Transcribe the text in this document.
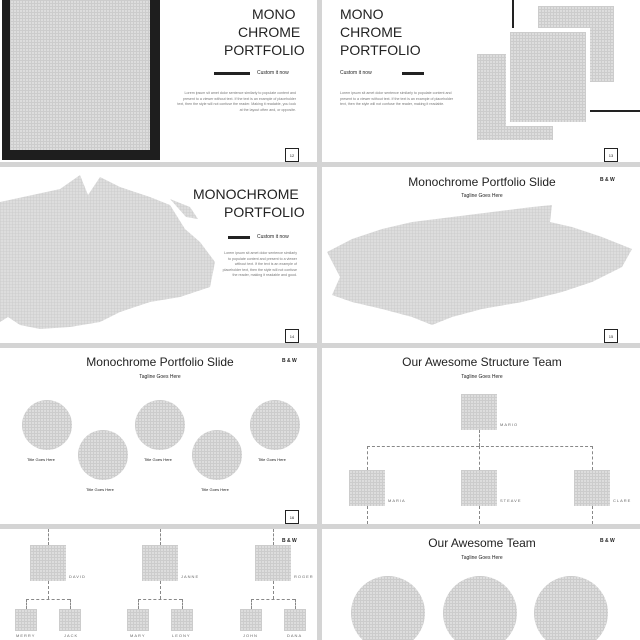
MONO
CHROME
PORTFOLIO
Custom it now
Lorem ipsum sit amet dolor sentence similarly to populate content and present to a viewer without text. If the text is an example of placeholder text, then the style will not confuse the reader. Making it readable, you look at the layout often and, or opposite.
12
MONO
CHROME
PORTFOLIO
Custom it now
Lorem ipsum sit amet dolor sentence similarly to populate content and present to a viewer without text. If the text is an example of placeholder text, then the style will not confuse the reader, making it readable.
13
MONOCHROME
PORTFOLIO
Custom it now
Lorem ipsum sit amet dolor sentence similarly to populate content and present to a viewer without text. If the text is an example of placeholder text, then the style will not confuse the reader, making it readable and good.
14
Monochrome Portfolio Slide
Tagline Goes Here
B & W
15
Monochrome Portfolio Slide
Tagline Goes Here
B & W
Title Goes Here
Title Goes Here
Title Goes Here
Title Goes Here
Title Goes Here
16
Our Awesome Structure Team
Tagline Goes Here
MARIO
MARIA	STEAVE	CLARE
B & W
DAVID	JANNE	ROGER
MERRY	JACK	MARY	LEONY	JOHN	DANA
Our Awesome Team
Tagline Goes Here
B & W
